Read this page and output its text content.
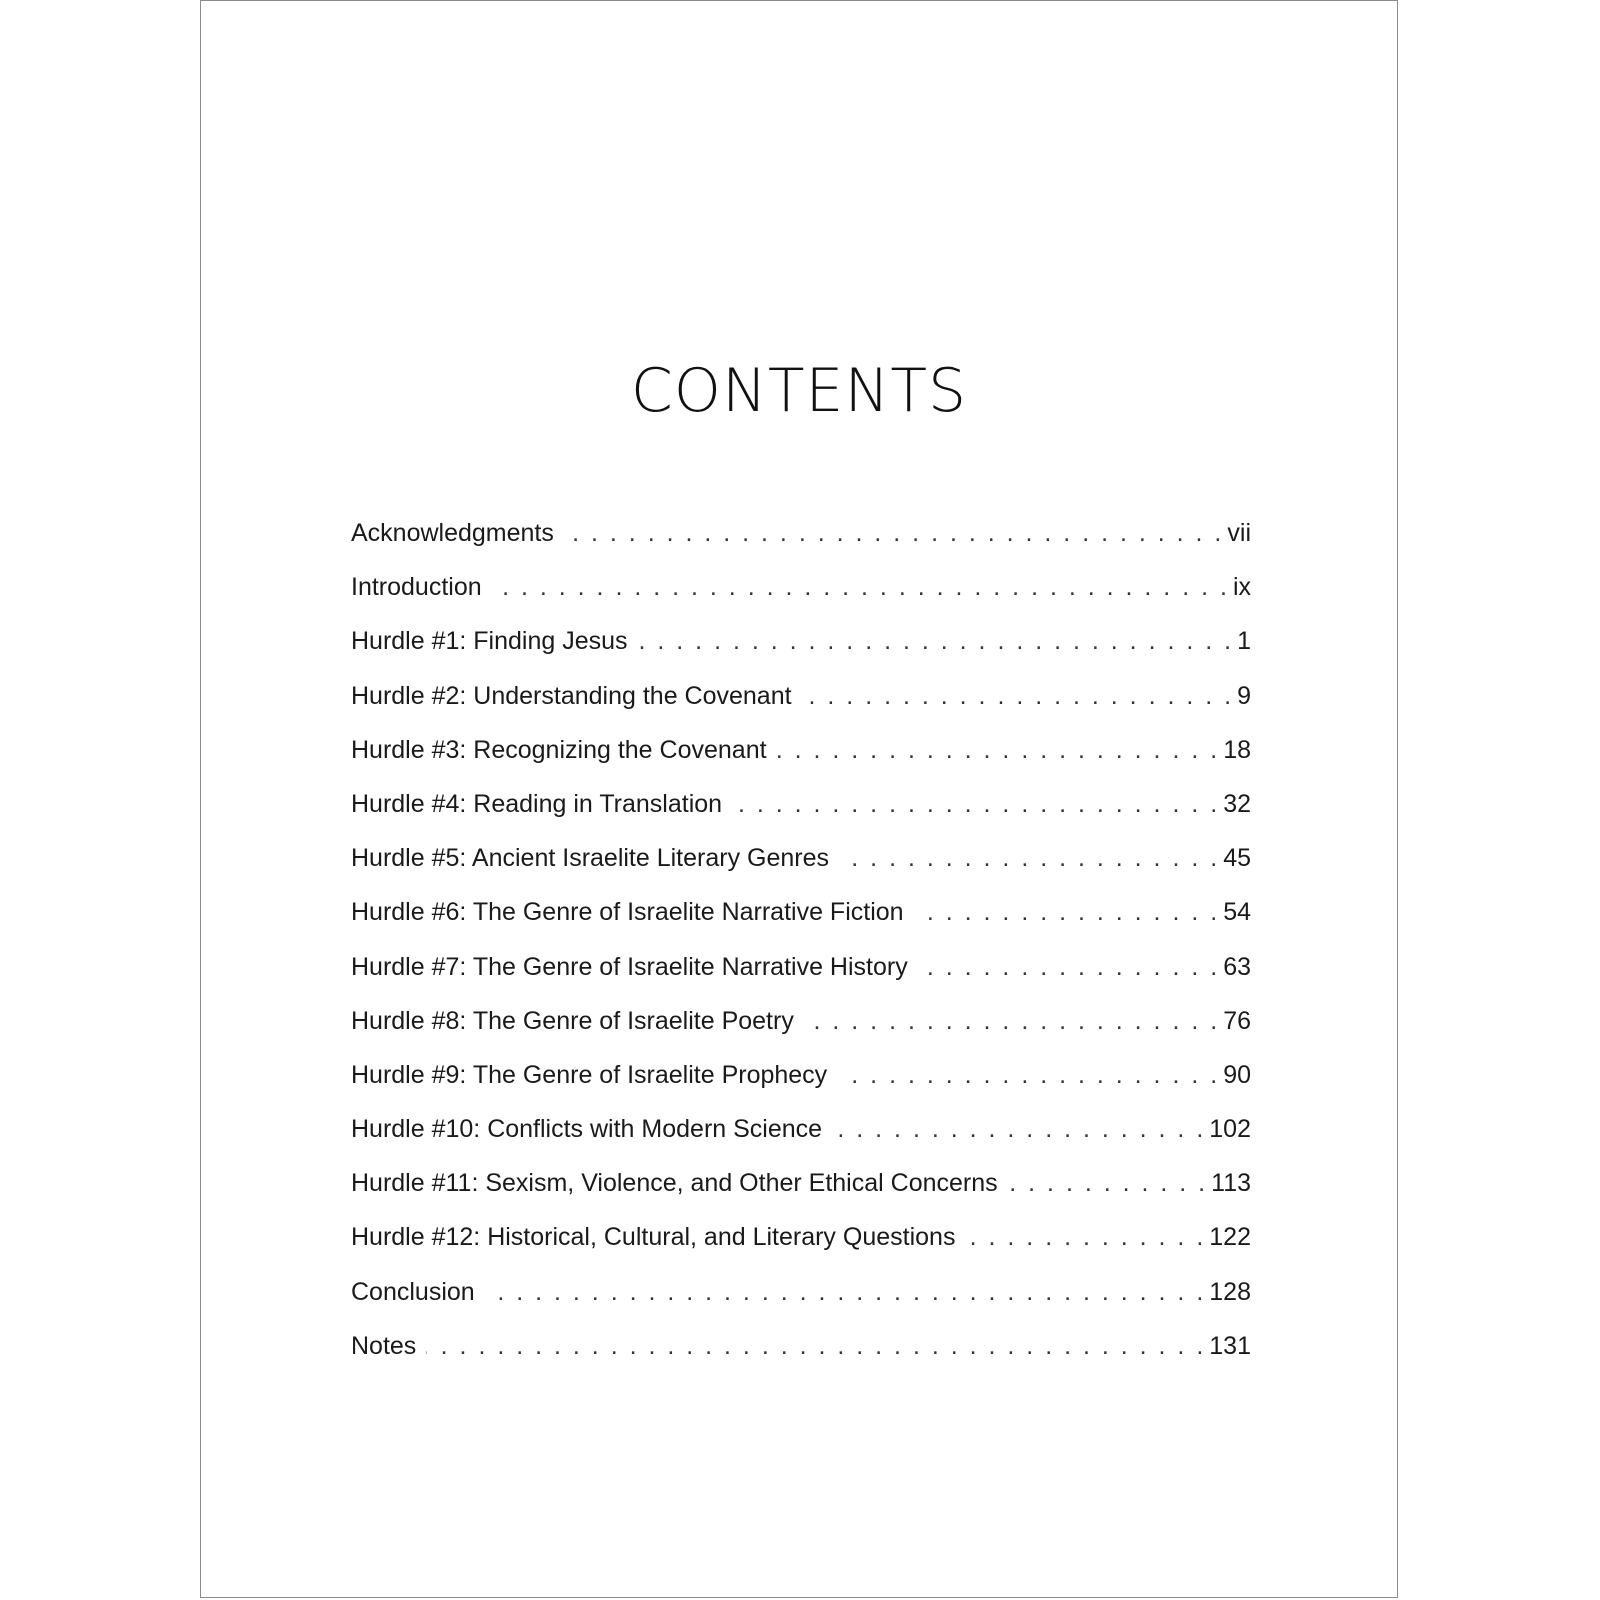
CONTENTS
Acknowledgments . . .	vii
Introduction . . .	ix
Hurdle #1: Finding Jesus . . .	1
Hurdle #2: Understanding the Covenant . . .	9
Hurdle #3: Recognizing the Covenant . . .	18
Hurdle #4: Reading in Translation . . .	32
Hurdle #5: Ancient Israelite Literary Genres . . .	45
Hurdle #6: The Genre of Israelite Narrative Fiction . . .	54
Hurdle #7: The Genre of Israelite Narrative History . . .	63
Hurdle #8: The Genre of Israelite Poetry . . .	76
Hurdle #9: The Genre of Israelite Prophecy . . .	90
Hurdle #10: Conflicts with Modern Science . . .	102
Hurdle #11: Sexism, Violence, and Other Ethical Concerns . . .	113
Hurdle #12: Historical, Cultural, and Literary Questions . . .	122
Conclusion . . .	128
Notes . . .	131
